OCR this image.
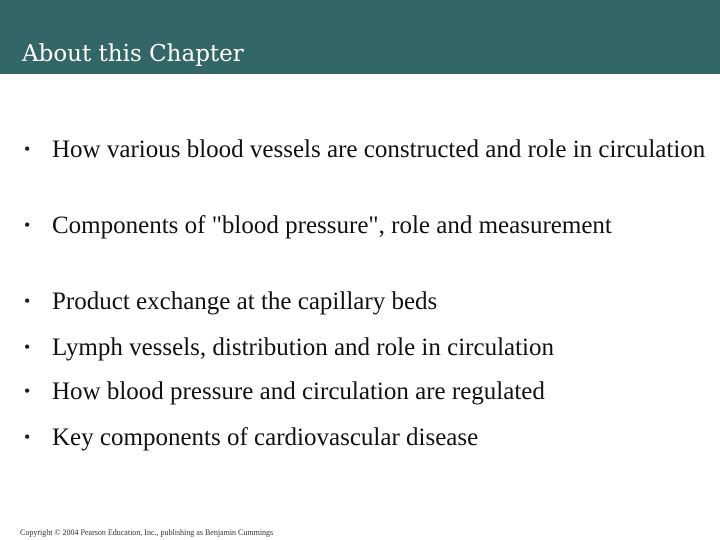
About this Chapter
• How various blood vessels are constructed and role in circulation
• Components of "blood pressure", role and measurement
• Product exchange at the capillary beds
• Lymph vessels, distribution and role in circulation
• How blood pressure and circulation are regulated
• Key components of cardiovascular disease
Copyright © 2004 Pearson Education, Inc., publishing as Benjamin Cummings
